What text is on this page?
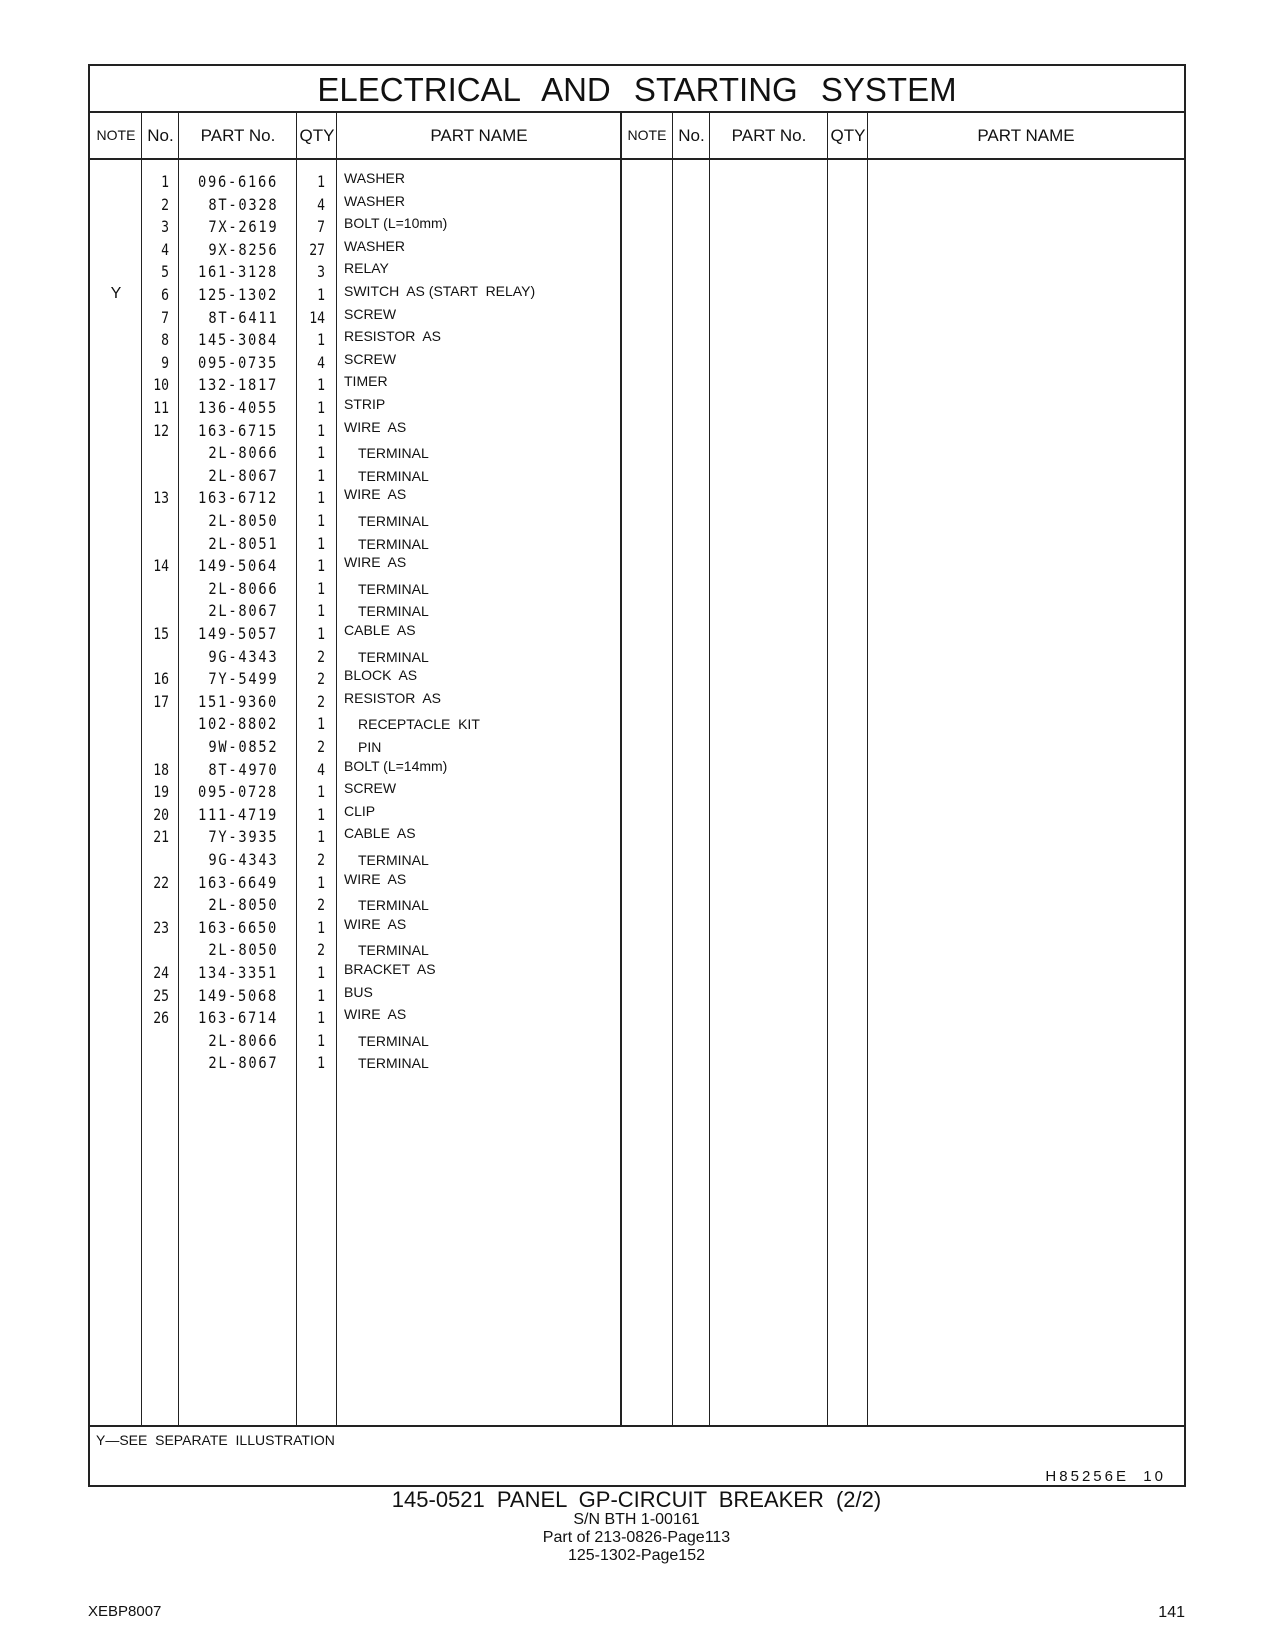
ELECTRICAL AND STARTING SYSTEM
NOTE No.	PART No.	QTY	PART NAME	NOTE No.	PART No.	QTY	PART NAME
1 096-6166	1 WASHER
2 8T-0328	4 WASHER
3 7X-2619	7 BOLT (L=10mm)
4 9X-8256	27 WASHER
5 161-3128	3 RELAY
Y	6 125-1302	1 SWITCH  AS (START  RELAY)
7 8T-6411	14 SCREW
8 145-3084	1 RESISTOR  AS
9 095-0735	4 SCREW
10 132-1817	1 TIMER
11 136-4055	1 STRIP
12 163-6715	1 WIRE  AS
2L-8066	1 TERMINAL
2L-8067	1 TERMINAL
13 163-6712	1 WIRE  AS
2L-8050	1 TERMINAL
2L-8051	1 TERMINAL
14 149-5064	1 WIRE  AS
2L-8066	1 TERMINAL
2L-8067	1 TERMINAL
15 149-5057	1 CABLE  AS
9G-4343	2 TERMINAL
16 7Y-5499	2 BLOCK  AS
17 151-9360	2 RESISTOR  AS
102-8802	1 RECEPTACLE  KIT
9W-0852	2 PIN
18 8T-4970	4 BOLT (L=14mm)
19 095-0728	1 SCREW
20 111-4719	1 CLIP
21 7Y-3935	1 CABLE  AS
9G-4343	2 TERMINAL
22 163-6649	1 WIRE  AS
2L-8050	2 TERMINAL
23 163-6650	1 WIRE  AS
2L-8050	2 TERMINAL
24 134-3351	1 BRACKET  AS
25 149-5068	1 BUS
26 163-6714	1 WIRE  AS
2L-8066	1 TERMINAL
2L-8067	1 TERMINAL
Y—SEE  SEPARATE  ILLUSTRATION
H85256E  10
145-0521 PANEL GP-CIRCUIT BREAKER (2/2)
S/N BTH 1-00161
Part of 213-0826-Page113
125-1302-Page152
XEBP8007	141
